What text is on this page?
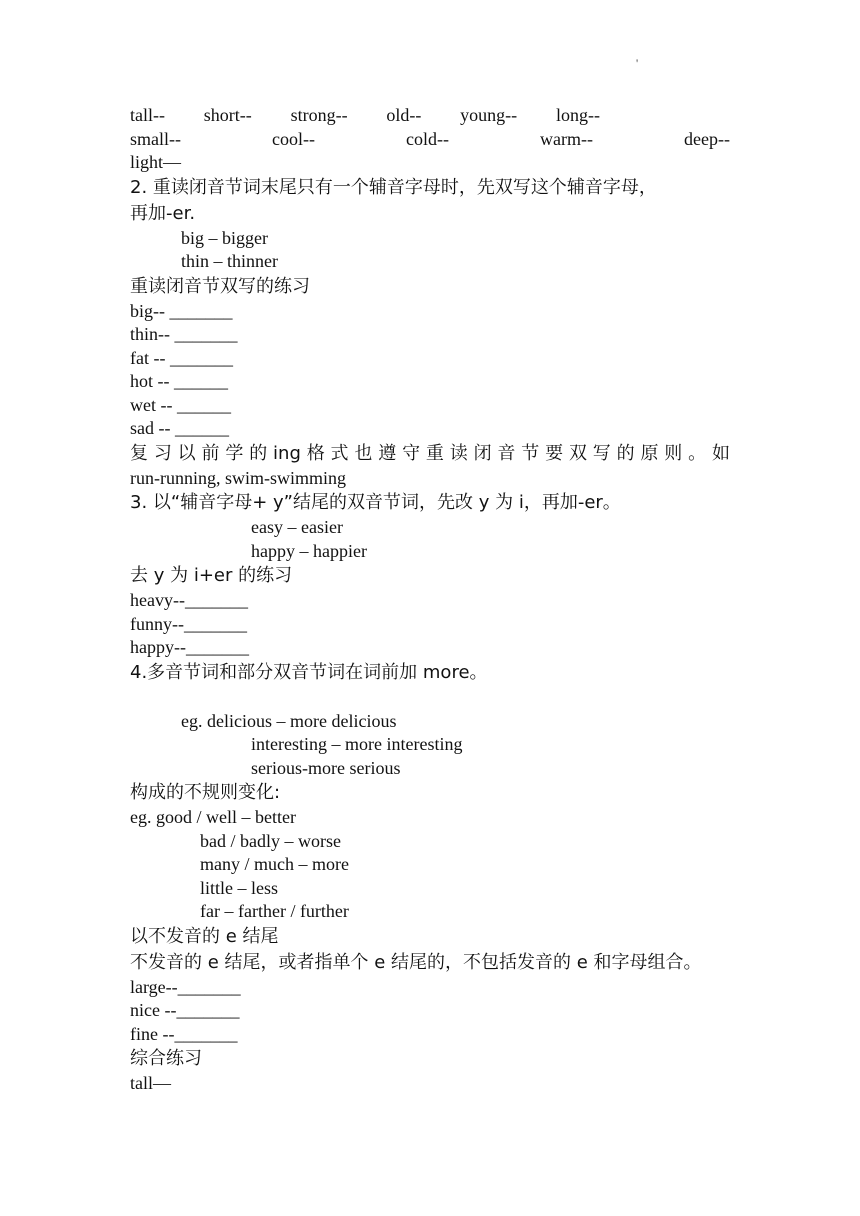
'
tall-- short-- strong-- old-- young-- long--
small--	cool--	cold--	warm--	deep--
light—
2. 重读闭音节词末尾只有一个辅音字母时，先双写这个辅音字母，
再加-er.
big – bigger
thin – thinner
重读闭音节双写的练习
big-- _______
thin-- _______
fat -- _______
hot -- ______
wet -- ______
sad -- ______
复习以前学的ing格式也遵守重读闭音节要双写的原则。如
run-running, swim-swimming
3. 以“辅音字母+ y”结尾的双音节词，先改 y 为 i，再加-er。
easy – easier
happy – happier
去 y 为 i+er 的练习
heavy--_______
funny--_______
happy--_______
4.多音节词和部分双音节词在词前加 more。
eg. delicious – more delicious
interesting – more interesting
serious-more serious
构成的不规则变化:
eg. good / well – better
bad / badly – worse
many / much – more
little – less
far – farther / further
以不发音的 e 结尾
不发音的 e 结尾，或者指单个 e 结尾的，不包括发音的 e 和字母组合。
large--_______
nice --_______
fine --_______
综合练习
tall—
